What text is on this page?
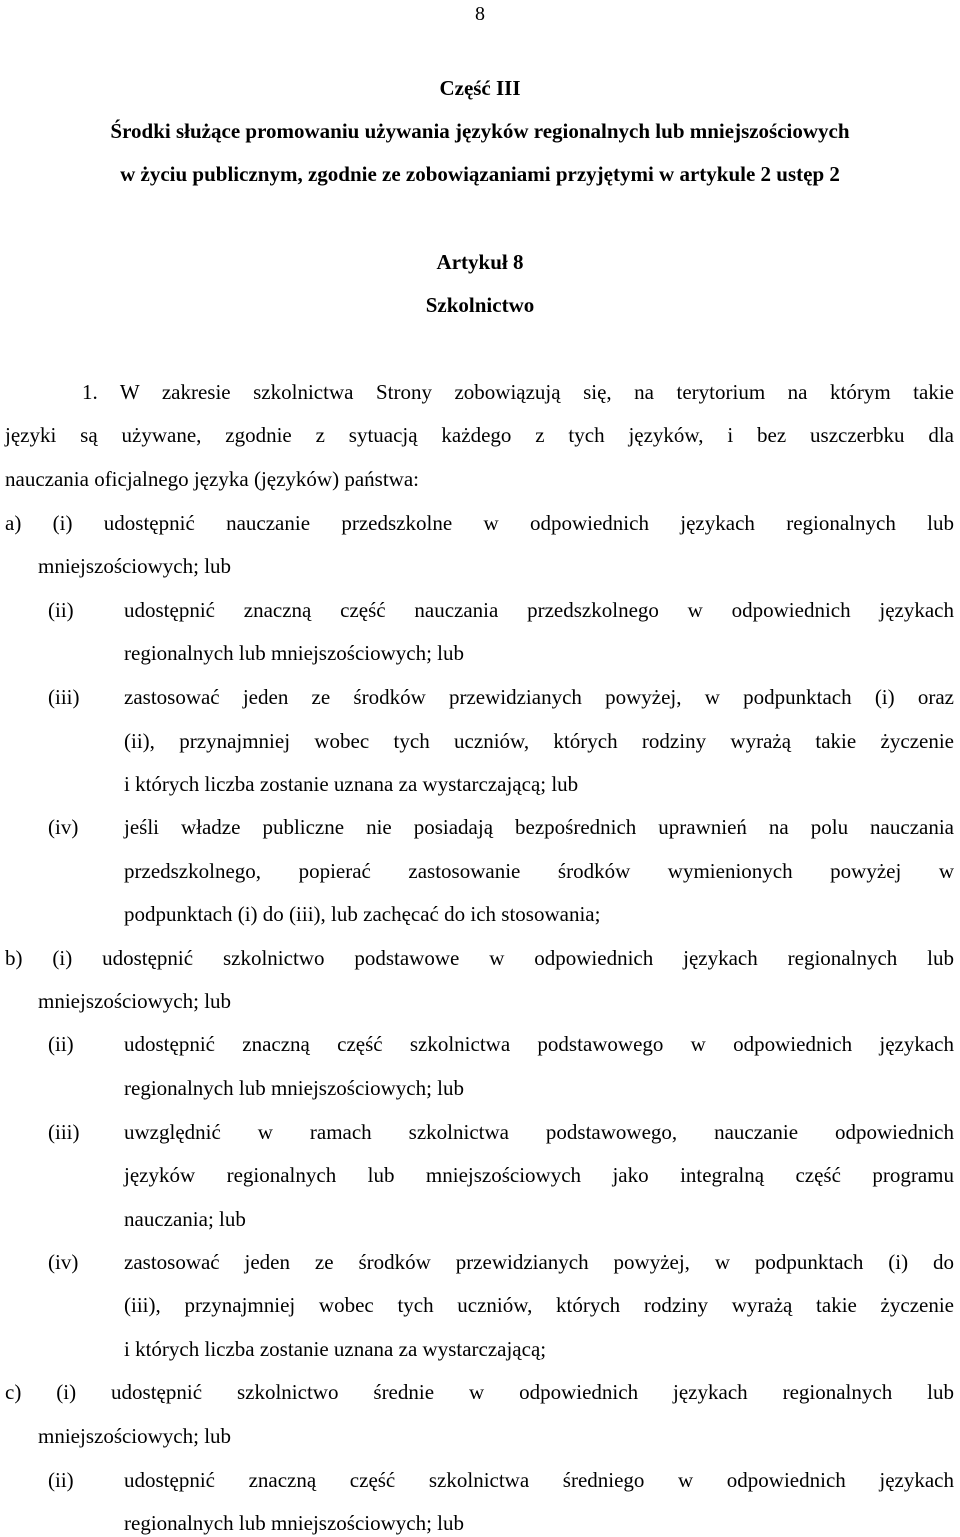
8
Część III
Środki służące promowaniu używania języków regionalnych lub mniejszościowych
w życiu publicznym, zgodnie ze zobowiązaniami przyjętymi w artykule 2 ustęp 2
Artykuł 8
Szkolnictwo
1. W zakresie szkolnictwa Strony zobowiązują się, na terytorium na którym takie
języki są używane, zgodnie z sytuacją każdego z tych języków, i bez uszczerbku dla
nauczania oficjalnego języka (języków) państwa:
a) (i) udostępnić nauczanie przedszkolne w odpowiednich językach regionalnych lub
mniejszościowych; lub
(ii) udostępnić znaczną część nauczania przedszkolnego w odpowiednich językach
regionalnych lub mniejszościowych; lub
(iii) zastosować jeden ze środków przewidzianych powyżej, w podpunktach (i) oraz
(ii), przynajmniej wobec tych uczniów, których rodziny wyrażą takie życzenie
i których liczba zostanie uznana za wystarczającą; lub
(iv) jeśli władze publiczne nie posiadają bezpośrednich uprawnień na polu nauczania
przedszkolnego, popierać zastosowanie środków wymienionych powyżej w
podpunktach (i) do (iii), lub zachęcać do ich stosowania;
b) (i) udostępnić szkolnictwo podstawowe w odpowiednich językach regionalnych lub
mniejszościowych; lub
(ii) udostępnić znaczną część szkolnictwa podstawowego w odpowiednich językach
regionalnych lub mniejszościowych; lub
(iii) uwzględnić w ramach szkolnictwa podstawowego, nauczanie odpowiednich
języków regionalnych lub mniejszościowych jako integralną część programu
nauczania; lub
(iv) zastosować jeden ze środków przewidzianych powyżej, w podpunktach (i) do
(iii), przynajmniej wobec tych uczniów, których rodziny wyrażą takie życzenie
i których liczba zostanie uznana za wystarczającą;
c) (i) udostępnić szkolnictwo średnie w odpowiednich językach regionalnych lub
mniejszościowych; lub
(ii) udostępnić znaczną część szkolnictwa średniego w odpowiednich językach
regionalnych lub mniejszościowych; lub
